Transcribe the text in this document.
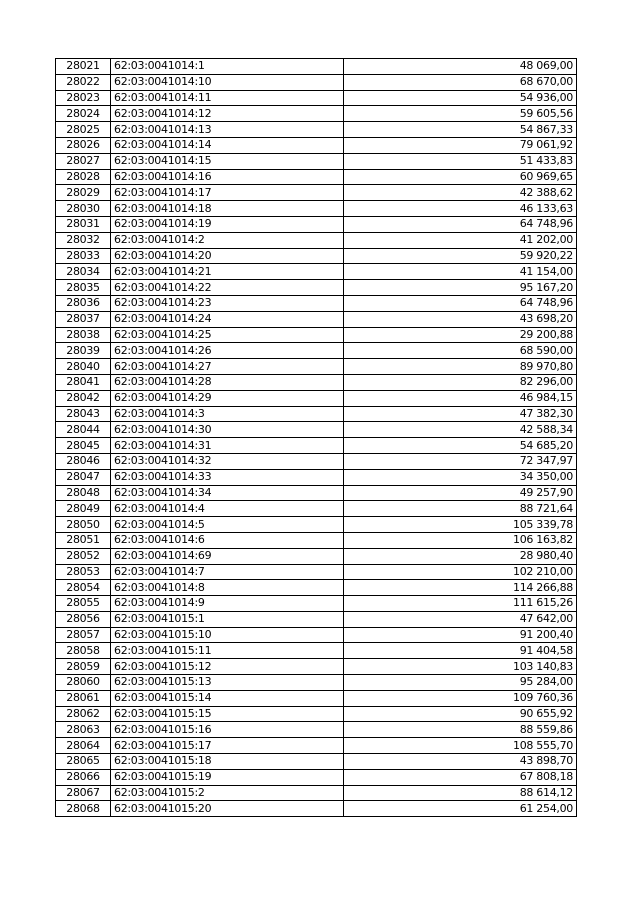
28021	62:03:0041014:1	48 069,00
28022	62:03:0041014:10	68 670,00
28023	62:03:0041014:11	54 936,00
28024	62:03:0041014:12	59 605,56
28025	62:03:0041014:13	54 867,33
28026	62:03:0041014:14	79 061,92
28027	62:03:0041014:15	51 433,83
28028	62:03:0041014:16	60 969,65
28029	62:03:0041014:17	42 388,62
28030	62:03:0041014:18	46 133,63
28031	62:03:0041014:19	64 748,96
28032	62:03:0041014:2	41 202,00
28033	62:03:0041014:20	59 920,22
28034	62:03:0041014:21	41 154,00
28035	62:03:0041014:22	95 167,20
28036	62:03:0041014:23	64 748,96
28037	62:03:0041014:24	43 698,20
28038	62:03:0041014:25	29 200,88
28039	62:03:0041014:26	68 590,00
28040	62:03:0041014:27	89 970,80
28041	62:03:0041014:28	82 296,00
28042	62:03:0041014:29	46 984,15
28043	62:03:0041014:3	47 382,30
28044	62:03:0041014:30	42 588,34
28045	62:03:0041014:31	54 685,20
28046	62:03:0041014:32	72 347,97
28047	62:03:0041014:33	34 350,00
28048	62:03:0041014:34	49 257,90
28049	62:03:0041014:4	88 721,64
28050	62:03:0041014:5	105 339,78
28051	62:03:0041014:6	106 163,82
28052	62:03:0041014:69	28 980,40
28053	62:03:0041014:7	102 210,00
28054	62:03:0041014:8	114 266,88
28055	62:03:0041014:9	111 615,26
28056	62:03:0041015:1	47 642,00
28057	62:03:0041015:10	91 200,40
28058	62:03:0041015:11	91 404,58
28059	62:03:0041015:12	103 140,83
28060	62:03:0041015:13	95 284,00
28061	62:03:0041015:14	109 760,36
28062	62:03:0041015:15	90 655,92
28063	62:03:0041015:16	88 559,86
28064	62:03:0041015:17	108 555,70
28065	62:03:0041015:18	43 898,70
28066	62:03:0041015:19	67 808,18
28067	62:03:0041015:2	88 614,12
28068	62:03:0041015:20	61 254,00
